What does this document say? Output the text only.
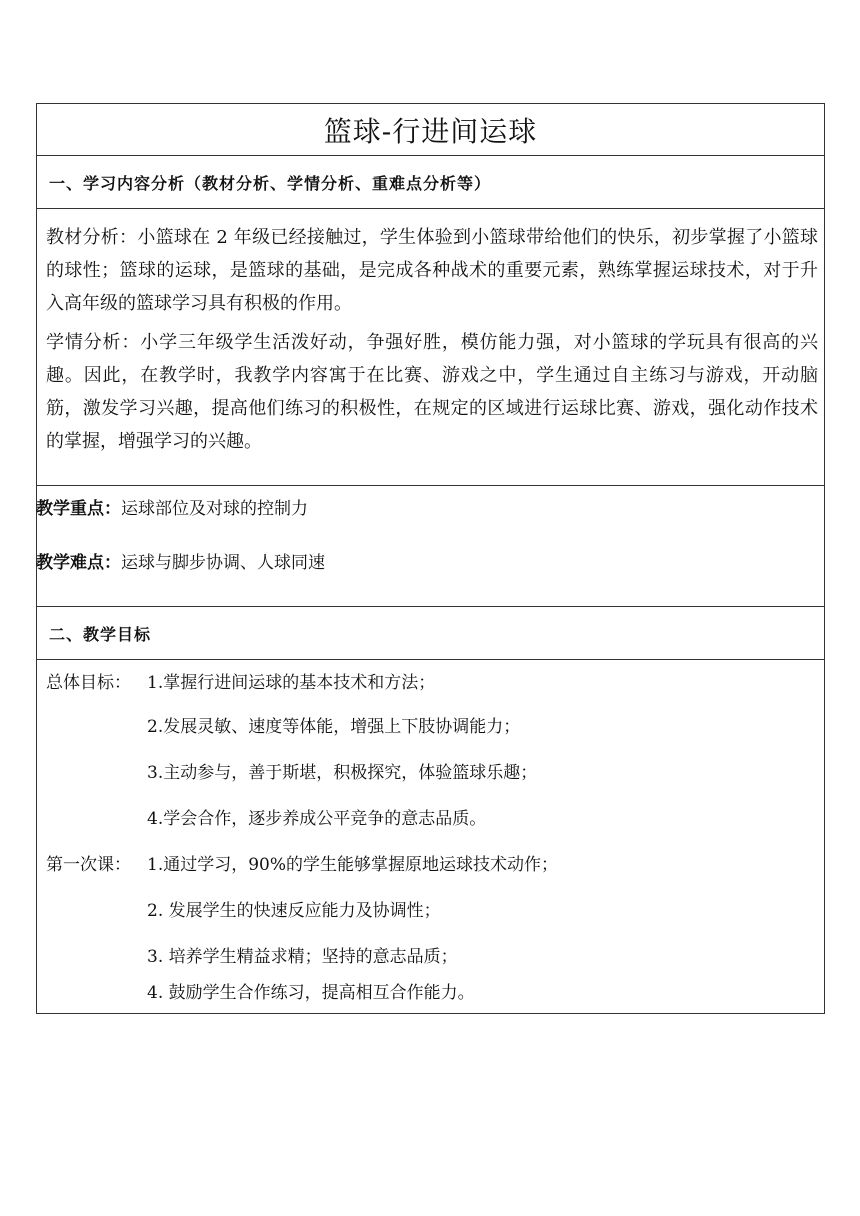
篮球-行进间运球
一、学习内容分析（教材分析、学情分析、重难点分析等）

教材分析：小篮球在 2 年级已经接触过，学生体验到小篮球带给他们的快乐，初步掌握了小篮球的球性；篮球的运球，是篮球的基础，是完成各种战术的重要元素，熟练掌握运球技术，对于升入高年级的篮球学习具有积极的作用。

学情分析：小学三年级学生活泼好动，争强好胜，模仿能力强，对小篮球的学玩具有很高的兴趣。因此，在教学时，我教学内容寓于在比赛、游戏之中，学生通过自主练习与游戏，开动脑筋，激发学习兴趣，提高他们练习的积极性，在规定的区域进行运球比赛、游戏，强化动作技术的掌握，增强学习的兴趣。

教学重点：运球部位及对球的控制力
教学难点：运球与脚步协调、人球同速
二、教学目标
总体目标： 1.掌握行进间运球的基本技术和方法；
2.发展灵敏、速度等体能，增强上下肢协调能力；
3.主动参与，善于斯堪，积极探究，体验篮球乐趣；
4.学会合作，逐步养成公平竞争的意志品质。
第一次课： 1.通过学习，90%的学生能够掌握原地运球技术动作；
2. 发展学生的快速反应能力及协调性；
3. 培养学生精益求精；坚持的意志品质；
4. 鼓励学生合作练习，提高相互合作能力。
